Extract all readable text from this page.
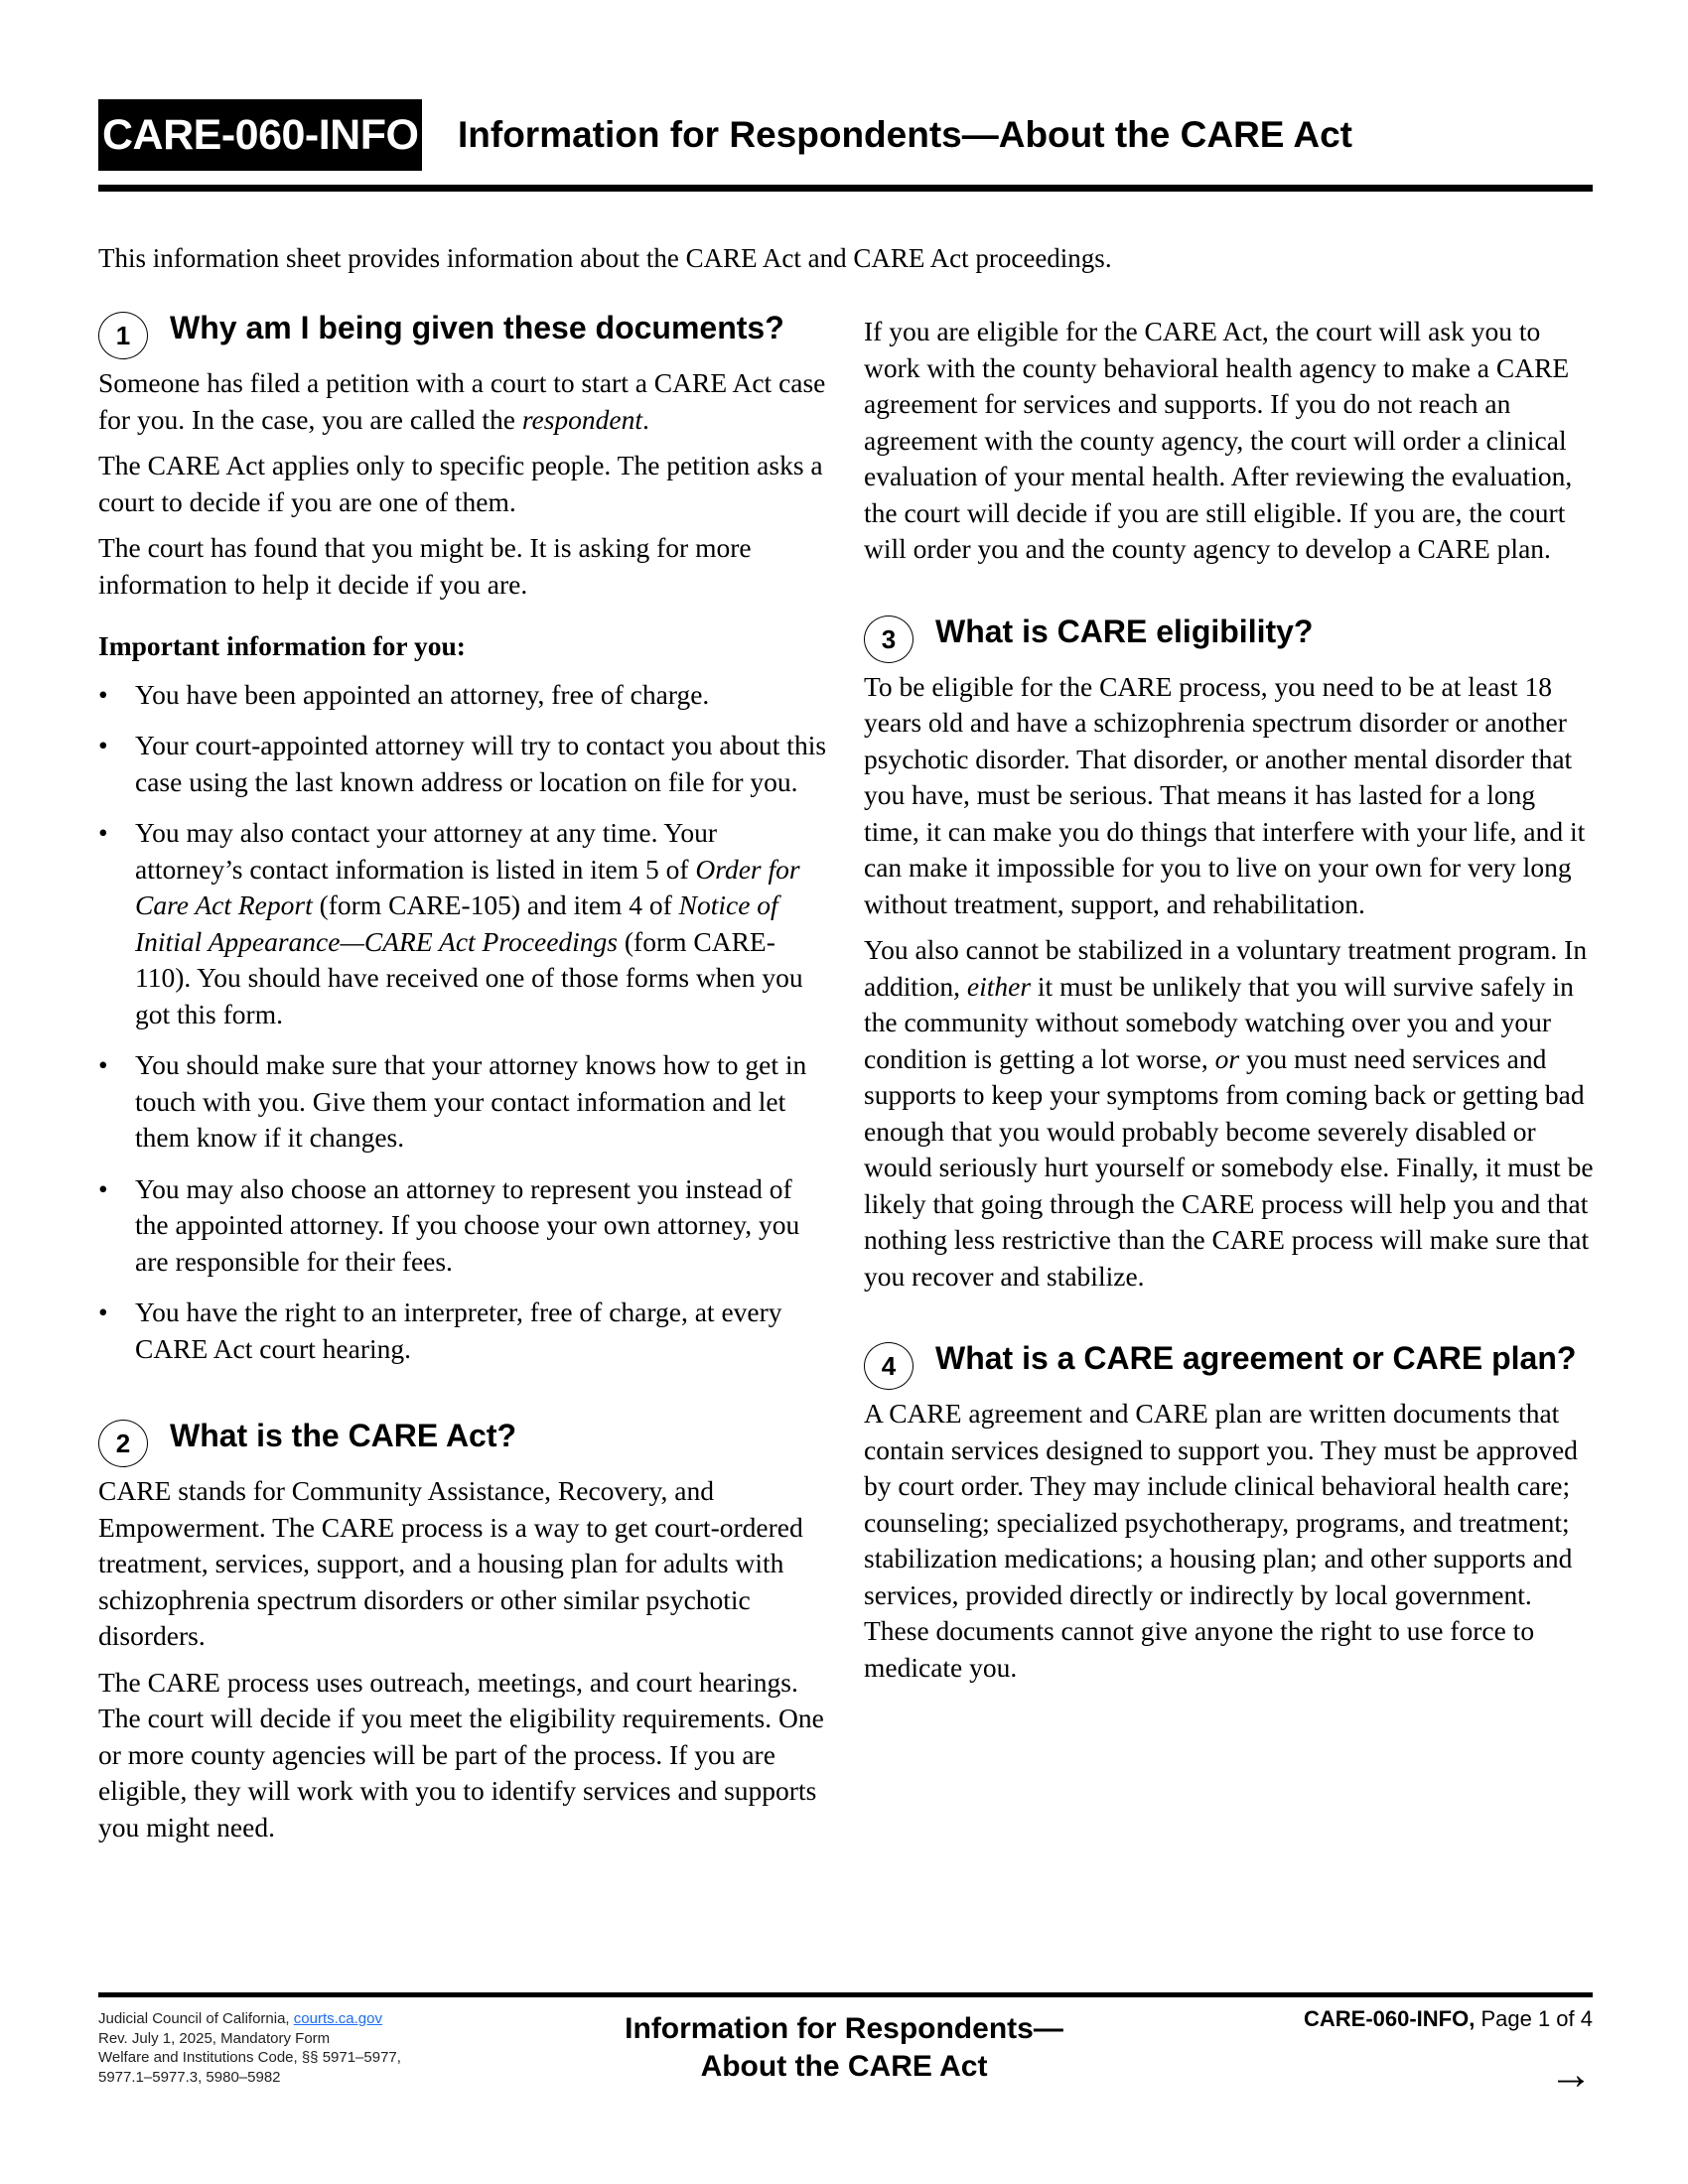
CARE-060-INFO Information for Respondents—About the CARE Act
This information sheet provides information about the CARE Act and CARE Act proceedings.
1	Why am I being given these documents?

Someone has filed a petition with a court to start a CARE Act case for you. In the case, you are called the respondent.

The CARE Act applies only to specific people. The petition asks a court to decide if you are one of them.

The court has found that you might be. It is asking for more information to help it decide if you are.

Important information for you:
• You have been appointed an attorney, free of charge.
• Your court-appointed attorney will try to contact you about this case using the last known address or location on file for you.
• You may also contact your attorney at any time. Your attorney’s contact information is listed in item 5 of Order for Care Act Report (form CARE-105) and item 4 of Notice of Initial Appearance—CARE Act Proceedings (form CARE-110). You should have received one of those forms when you got this form.
• You should make sure that your attorney knows how to get in touch with you. Give them your contact information and let them know if it changes.
• You may also choose an attorney to represent you instead of the appointed attorney. If you choose your own attorney, you are responsible for their fees.
• You have the right to an interpreter, free of charge, at every CARE Act court hearing.
2	What is the CARE Act?

CARE stands for Community Assistance, Recovery, and Empowerment. The CARE process is a way to get court-ordered treatment, services, support, and a housing plan for adults with schizophrenia spectrum disorders or other similar psychotic disorders.

The CARE process uses outreach, meetings, and court hearings. The court will decide if you meet the eligibility requirements. One or more county agencies will be part of the process. If you are eligible, they will work with you to identify services and supports you might need.

If you are eligible for the CARE Act, the court will ask you to work with the county behavioral health agency to make a CARE agreement for services and supports. If you do not reach an agreement with the county agency, the court will order a clinical evaluation of your mental health. After reviewing the evaluation, the court will decide if you are still eligible. If you are, the court will order you and the county agency to develop a CARE plan.

3	What is CARE eligibility?

To be eligible for the CARE process, you need to be at least 18 years old and have a schizophrenia spectrum disorder or another psychotic disorder. That disorder, or another mental disorder that you have, must be serious. That means it has lasted for a long time, it can make you do things that interfere with your life, and it can make it impossible for you to live on your own for very long without treatment, support, and rehabilitation.

You also cannot be stabilized in a voluntary treatment program. In addition, either it must be unlikely that you will survive safely in the community without somebody watching over you and your condition is getting a lot worse, or you must need services and supports to keep your symptoms from coming back or getting bad enough that you would probably become severely disabled or would seriously hurt yourself or somebody else. Finally, it must be likely that going through the CARE process will help you and that nothing less restrictive than the CARE process will make sure that you recover and stabilize.

4	What is a CARE agreement or CARE plan?

A CARE agreement and CARE plan are written documents that contain services designed to support you. They must be approved by court order. They may include clinical behavioral health care; counseling; specialized psychotherapy, programs, and treatment; stabilization medications; a housing plan; and other supports and services, provided directly or indirectly by local government. These documents cannot give anyone the right to use force to medicate you.

Judicial Council of California, courts.ca.gov
Rev. July 1, 2025, Mandatory Form
Welfare and Institutions Code, §§ 5971–5977,
5977.1–5977.3, 5980–5982
Information for Respondents—
About the CARE Act
CARE-060-INFO, Page 1 of 4
→
